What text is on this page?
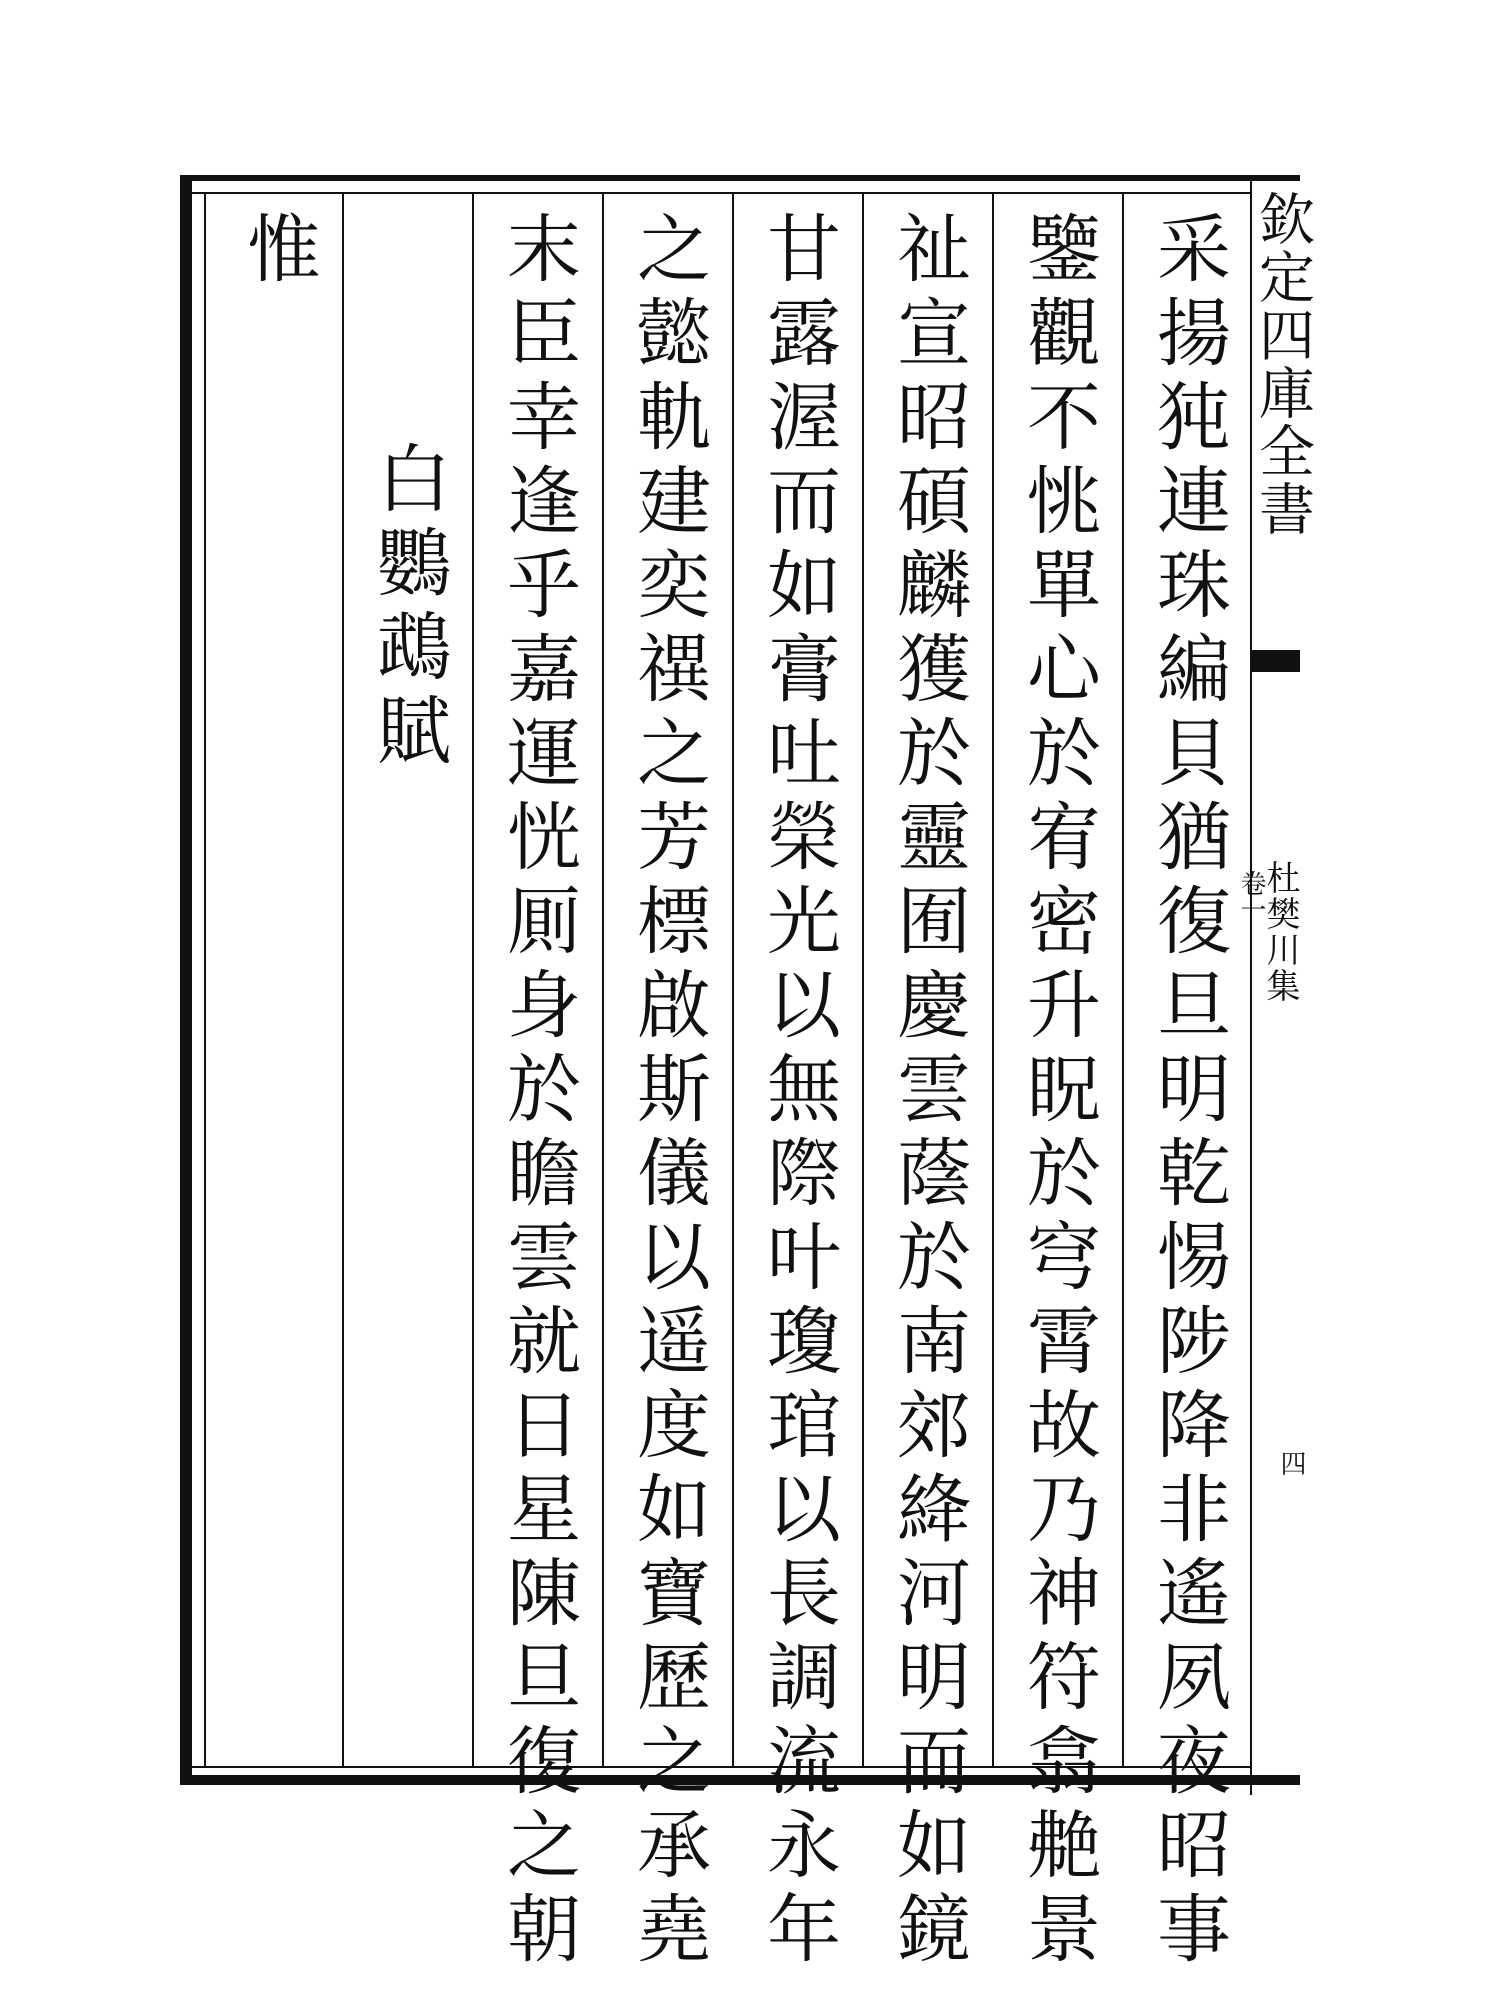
欽定四庫全書
杜樊川集
卷一
四
采揚㹠連珠編貝猶復旦明乾惕陟降非遙夙夜昭事
鑒觀不恌單心於宥密升眖於穹霄故乃神符翕艴景
祉宣昭碩麟獲於靈囿慶雲蔭於南郊絳河明而如鏡
甘露渥而如膏吐榮光以無際叶瓊琯以長調流永年
之懿軌建奕禩之芳標啟斯儀以遥度如寶歷之承堯
末臣幸逢乎嘉運恍厠身於瞻雲就日星陳旦復之朝
白鸚鵡賦
惟
